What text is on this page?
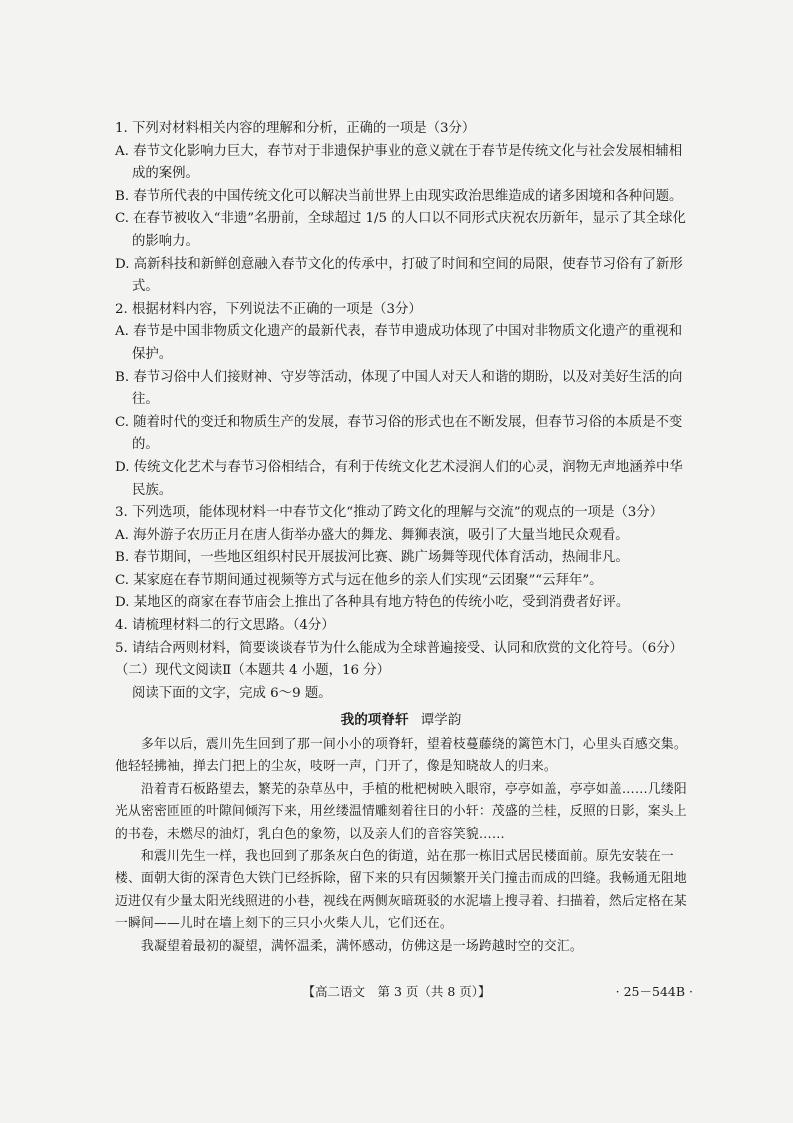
1. 下列对材料相关内容的理解和分析，正确的一项是（3分）

A. 春节文化影响力巨大，春节对于非遗保护事业的意义就在于春节是传统文化与社会发展相辅相成的案例。

B. 春节所代表的中国传统文化可以解决当前世界上由现实政治思维造成的诸多困境和各种问题。

C. 在春节被收入“非遗”名册前，全球超过 1/5 的人口以不同形式庆祝农历新年，显示了其全球化的影响力。

D. 高新科技和新鲜创意融入春节文化的传承中，打破了时间和空间的局限，使春节习俗有了新形式。

2. 根据材料内容，下列说法不正确的一项是（3分）

A. 春节是中国非物质文化遗产的最新代表，春节申遗成功体现了中国对非物质文化遗产的重视和保护。

B. 春节习俗中人们接财神、守岁等活动，体现了中国人对天人和谐的期盼，以及对美好生活的向往。

C. 随着时代的变迁和物质生产的发展，春节习俗的形式也在不断发展，但春节习俗的本质是不变的。

D. 传统文化艺术与春节习俗相结合，有利于传统文化艺术浸润人们的心灵，润物无声地涵养中华民族。

3. 下列选项，能体现材料一中春节文化“推动了跨文化的理解与交流”的观点的一项是（3分）

A. 海外游子农历正月在唐人街举办盛大的舞龙、舞狮表演，吸引了大量当地民众观看。

B. 春节期间，一些地区组织村民开展拔河比赛、跳广场舞等现代体育活动，热闹非凡。

C. 某家庭在春节期间通过视频等方式与远在他乡的亲人们实现“云团聚”“云拜年”。

D. 某地区的商家在春节庙会上推出了各种具有地方特色的传统小吃，受到消费者好评。

4. 请梳理材料二的行文思路。（4分）

5. 请结合两则材料，简要谈谈春节为什么能成为全球普遍接受、认同和欣赏的文化符号。（6分）

（二）现代文阅读Ⅱ（本题共 4 小题，16 分）

阅读下面的文字，完成 6～9 题。

我的项脊轩 谭学韵

多年以后，震川先生回到了那一间小小的项脊轩，望着枝蔓藤绕的篱笆木门，心里头百感交集。他轻轻拂袖，掸去门把上的尘灰，吱呀一声，门开了，像是知晓故人的归来。

沿着青石板路望去，繁芜的杂草丛中，手植的枇杷树映入眼帘，亭亭如盖，亭亭如盖……几缕阳光从密密匝匝的叶隙间倾泻下来，用丝缕温情雕刻着往日的小轩：茂盛的兰桂，反照的日影，案头上的书卷，未燃尽的油灯，乳白色的象笏，以及亲人们的音容笑貌……

和震川先生一样，我也回到了那条灰白色的街道，站在那一栋旧式居民楼面前。原先安装在一楼、面朝大街的深青色大铁门已经拆除，留下来的只有因频繁开关门撞击而成的凹缝。我畅通无阻地迈进仅有少量太阳光线照进的小巷，视线在两侧灰暗斑驳的水泥墙上搜寻着、扫描着，然后定格在某一瞬间——儿时在墙上刻下的三只小火柴人儿，它们还在。

我凝望着最初的凝望，满怀温柔，满怀感动，仿佛这是一场跨越时空的交汇。

【高二语文　第 3 页（共 8 页）】	· 25－544B ·
